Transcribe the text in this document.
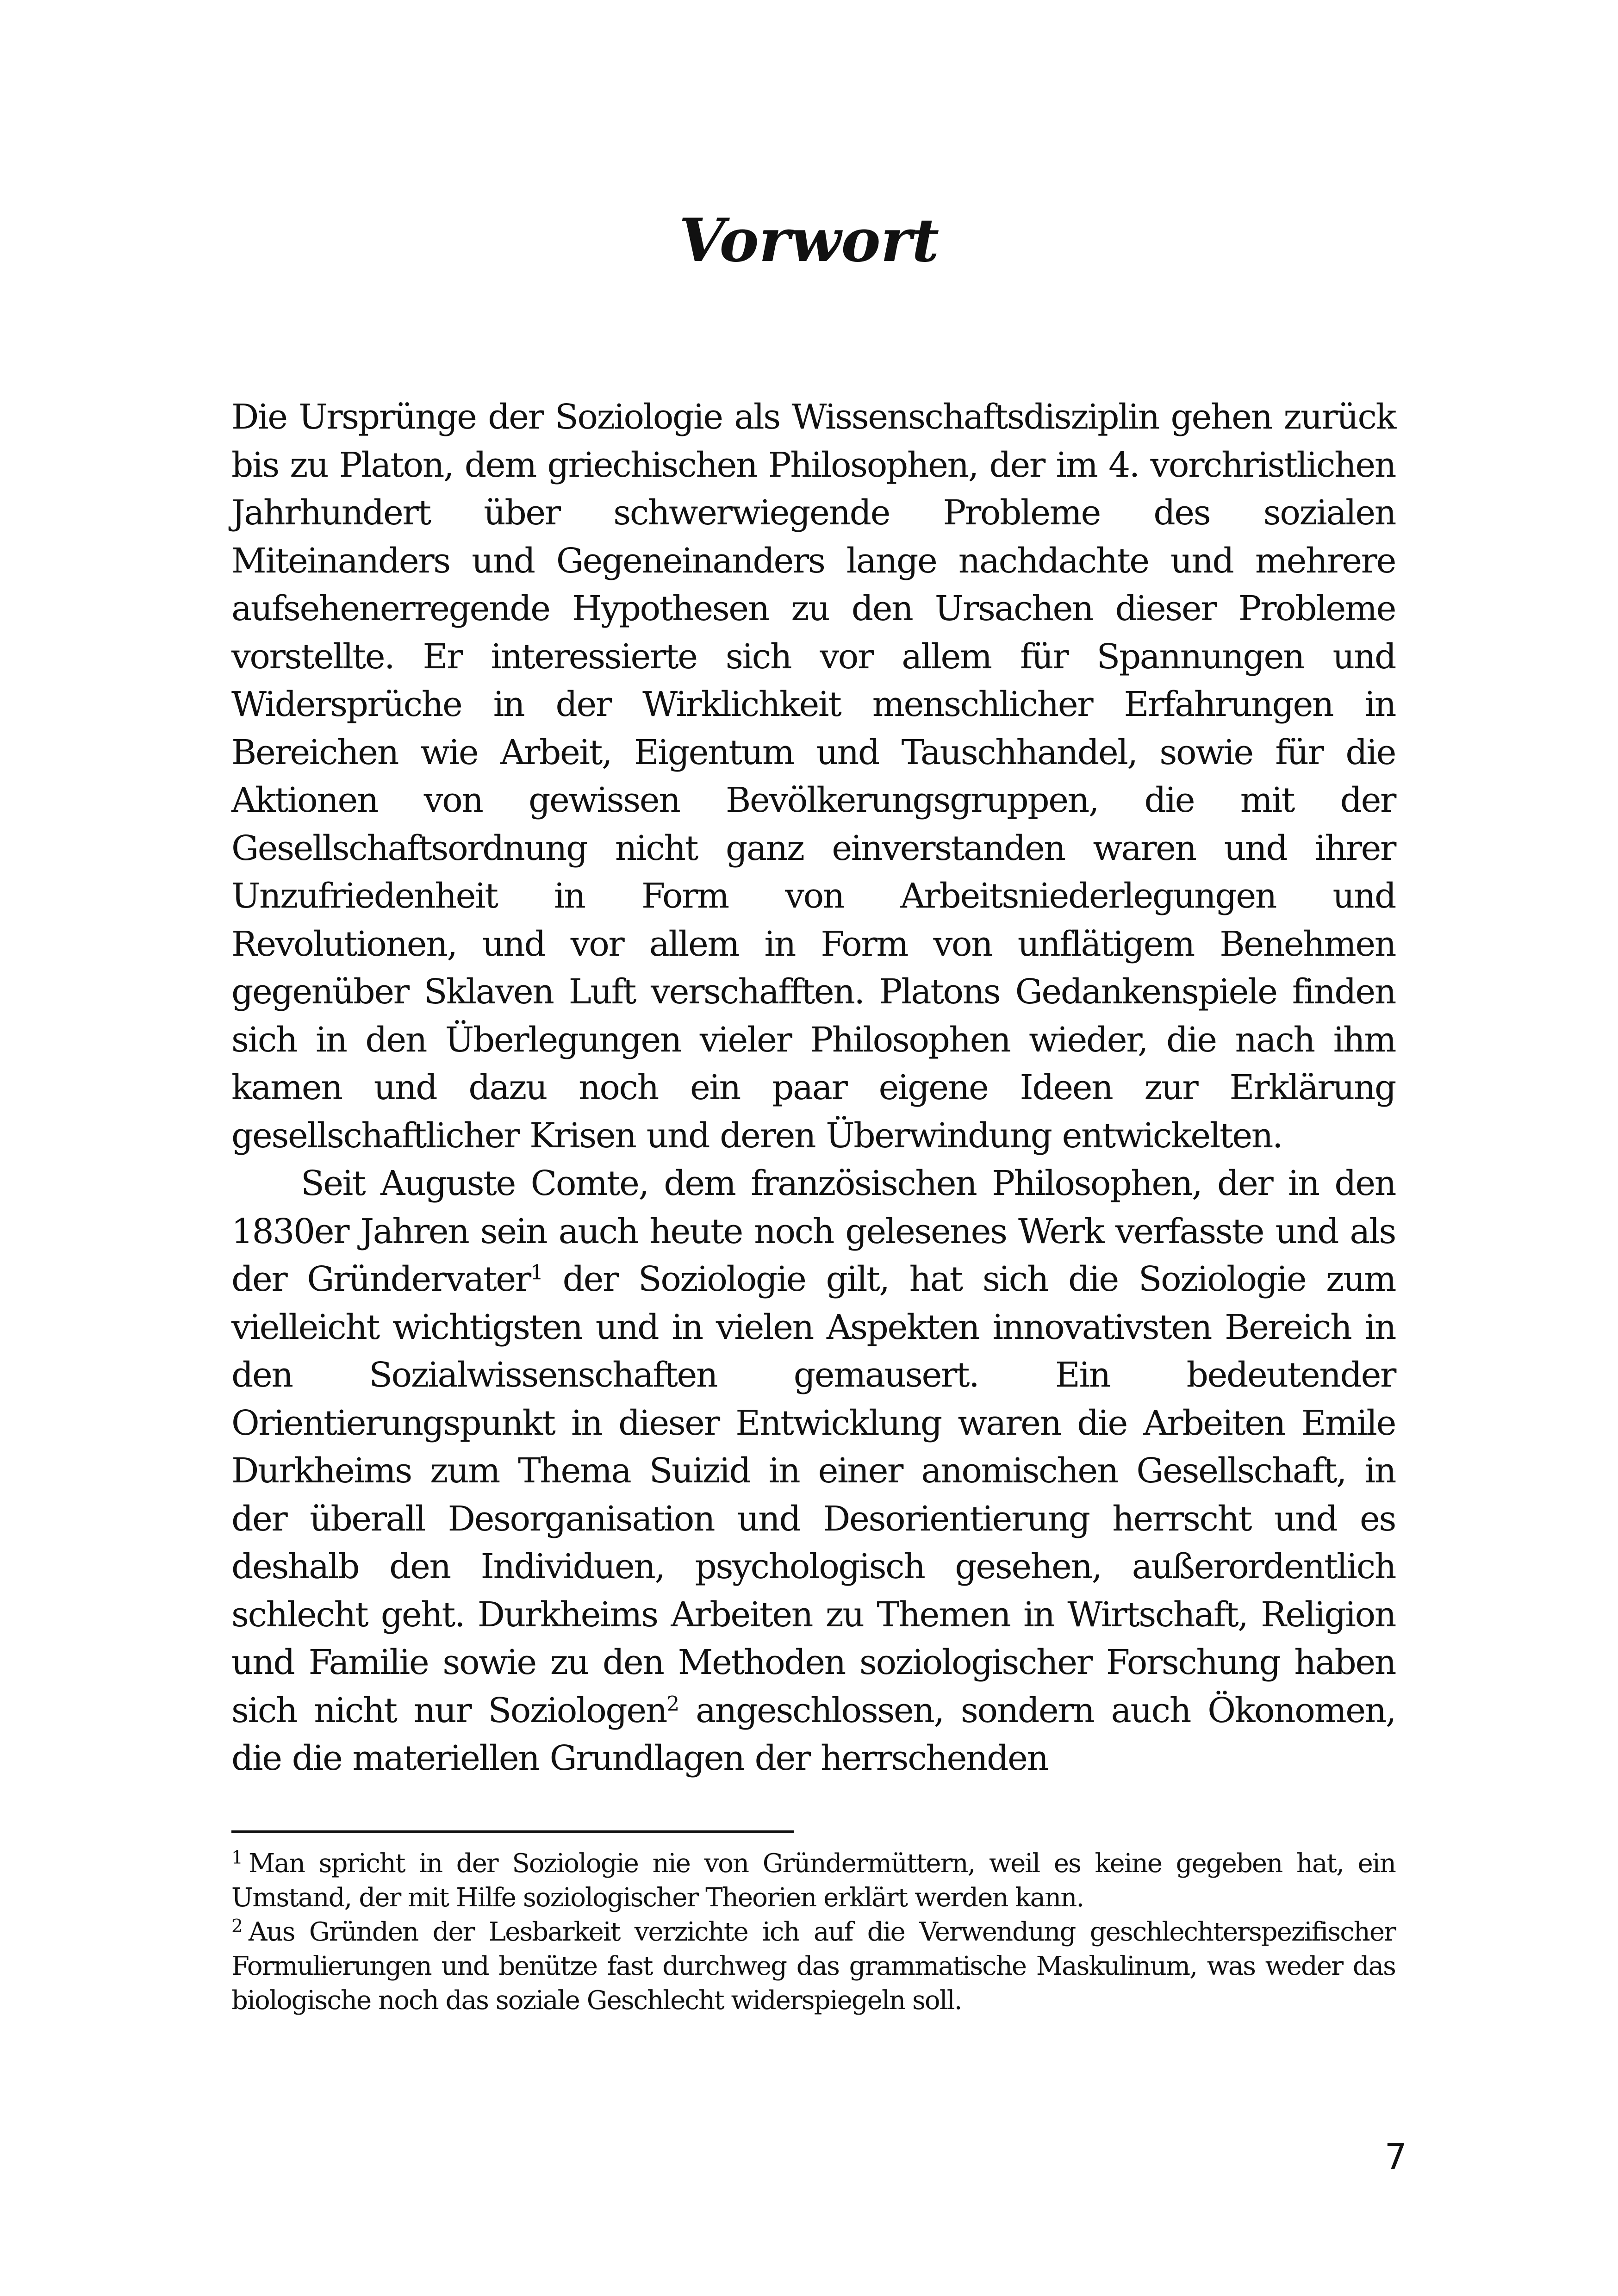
Vorwort

Die Ursprünge der Soziologie als Wissenschaftsdisziplin gehen zurück bis zu Platon, dem griechischen Philosophen, der im 4. vorchristlichen Jahrhundert über schwerwiegende Probleme des sozialen Miteinanders und Gegeneinanders lange nachdachte und mehrere aufsehenerregende Hypothesen zu den Ursachen dieser Probleme vorstellte. Er interessierte sich vor allem für Spannungen und Widersprüche in der Wirklichkeit menschlicher Erfahrungen in Bereichen wie Arbeit, Eigentum und Tauschhandel, sowie für die Aktionen von gewissen Bevölkerungsgruppen, die mit der Gesellschaftsordnung nicht ganz einverstanden waren und ihrer Unzufriedenheit in Form von Arbeitsniederlegungen und Revolutionen, und vor allem in Form von unflätigem Benehmen gegenüber Sklaven Luft verschafften. Platons Gedankenspiele finden sich in den Überlegungen vieler Philosophen wieder, die nach ihm kamen und dazu noch ein paar eigene Ideen zur Erklärung gesellschaftlicher Krisen und deren Überwindung entwickelten.

Seit Auguste Comte, dem französischen Philosophen, der in den 1830er Jahren sein auch heute noch gelesenes Werk verfasste und als der Gründervater$^1$ der Soziologie gilt, hat sich die Soziologie zum vielleicht wichtigsten und in vielen Aspekten innovativsten Bereich in den Sozialwissenschaften gemausert. Ein bedeutender Orientierungspunkt in dieser Entwicklung waren die Arbeiten Emile Durkheims zum Thema Suizid in einer anomischen Gesellschaft, in der überall Desorganisation und Desorientierung herrscht und es deshalb den Individuen, psychologisch gesehen, außerordentlich schlecht geht. Durkheims Arbeiten zu Themen in Wirtschaft, Religion und Familie sowie zu den Methoden soziologischer Forschung haben sich nicht nur Soziologen$^2$ angeschlossen, sondern auch Ökonomen, die die materiellen Grundlagen der herrschenden

$^1$ Man spricht in der Soziologie nie von Gründermüttern, weil es keine gegeben hat, ein Umstand, der mit Hilfe soziologischer Theorien erklärt werden kann.

$^2$ Aus Gründen der Lesbarkeit verzichte ich auf die Verwendung geschlechterspezifischer Formulierungen und benütze fast durchweg das grammatische Maskulinum, was weder das biologische noch das soziale Geschlecht widerspiegeln soll.

7
